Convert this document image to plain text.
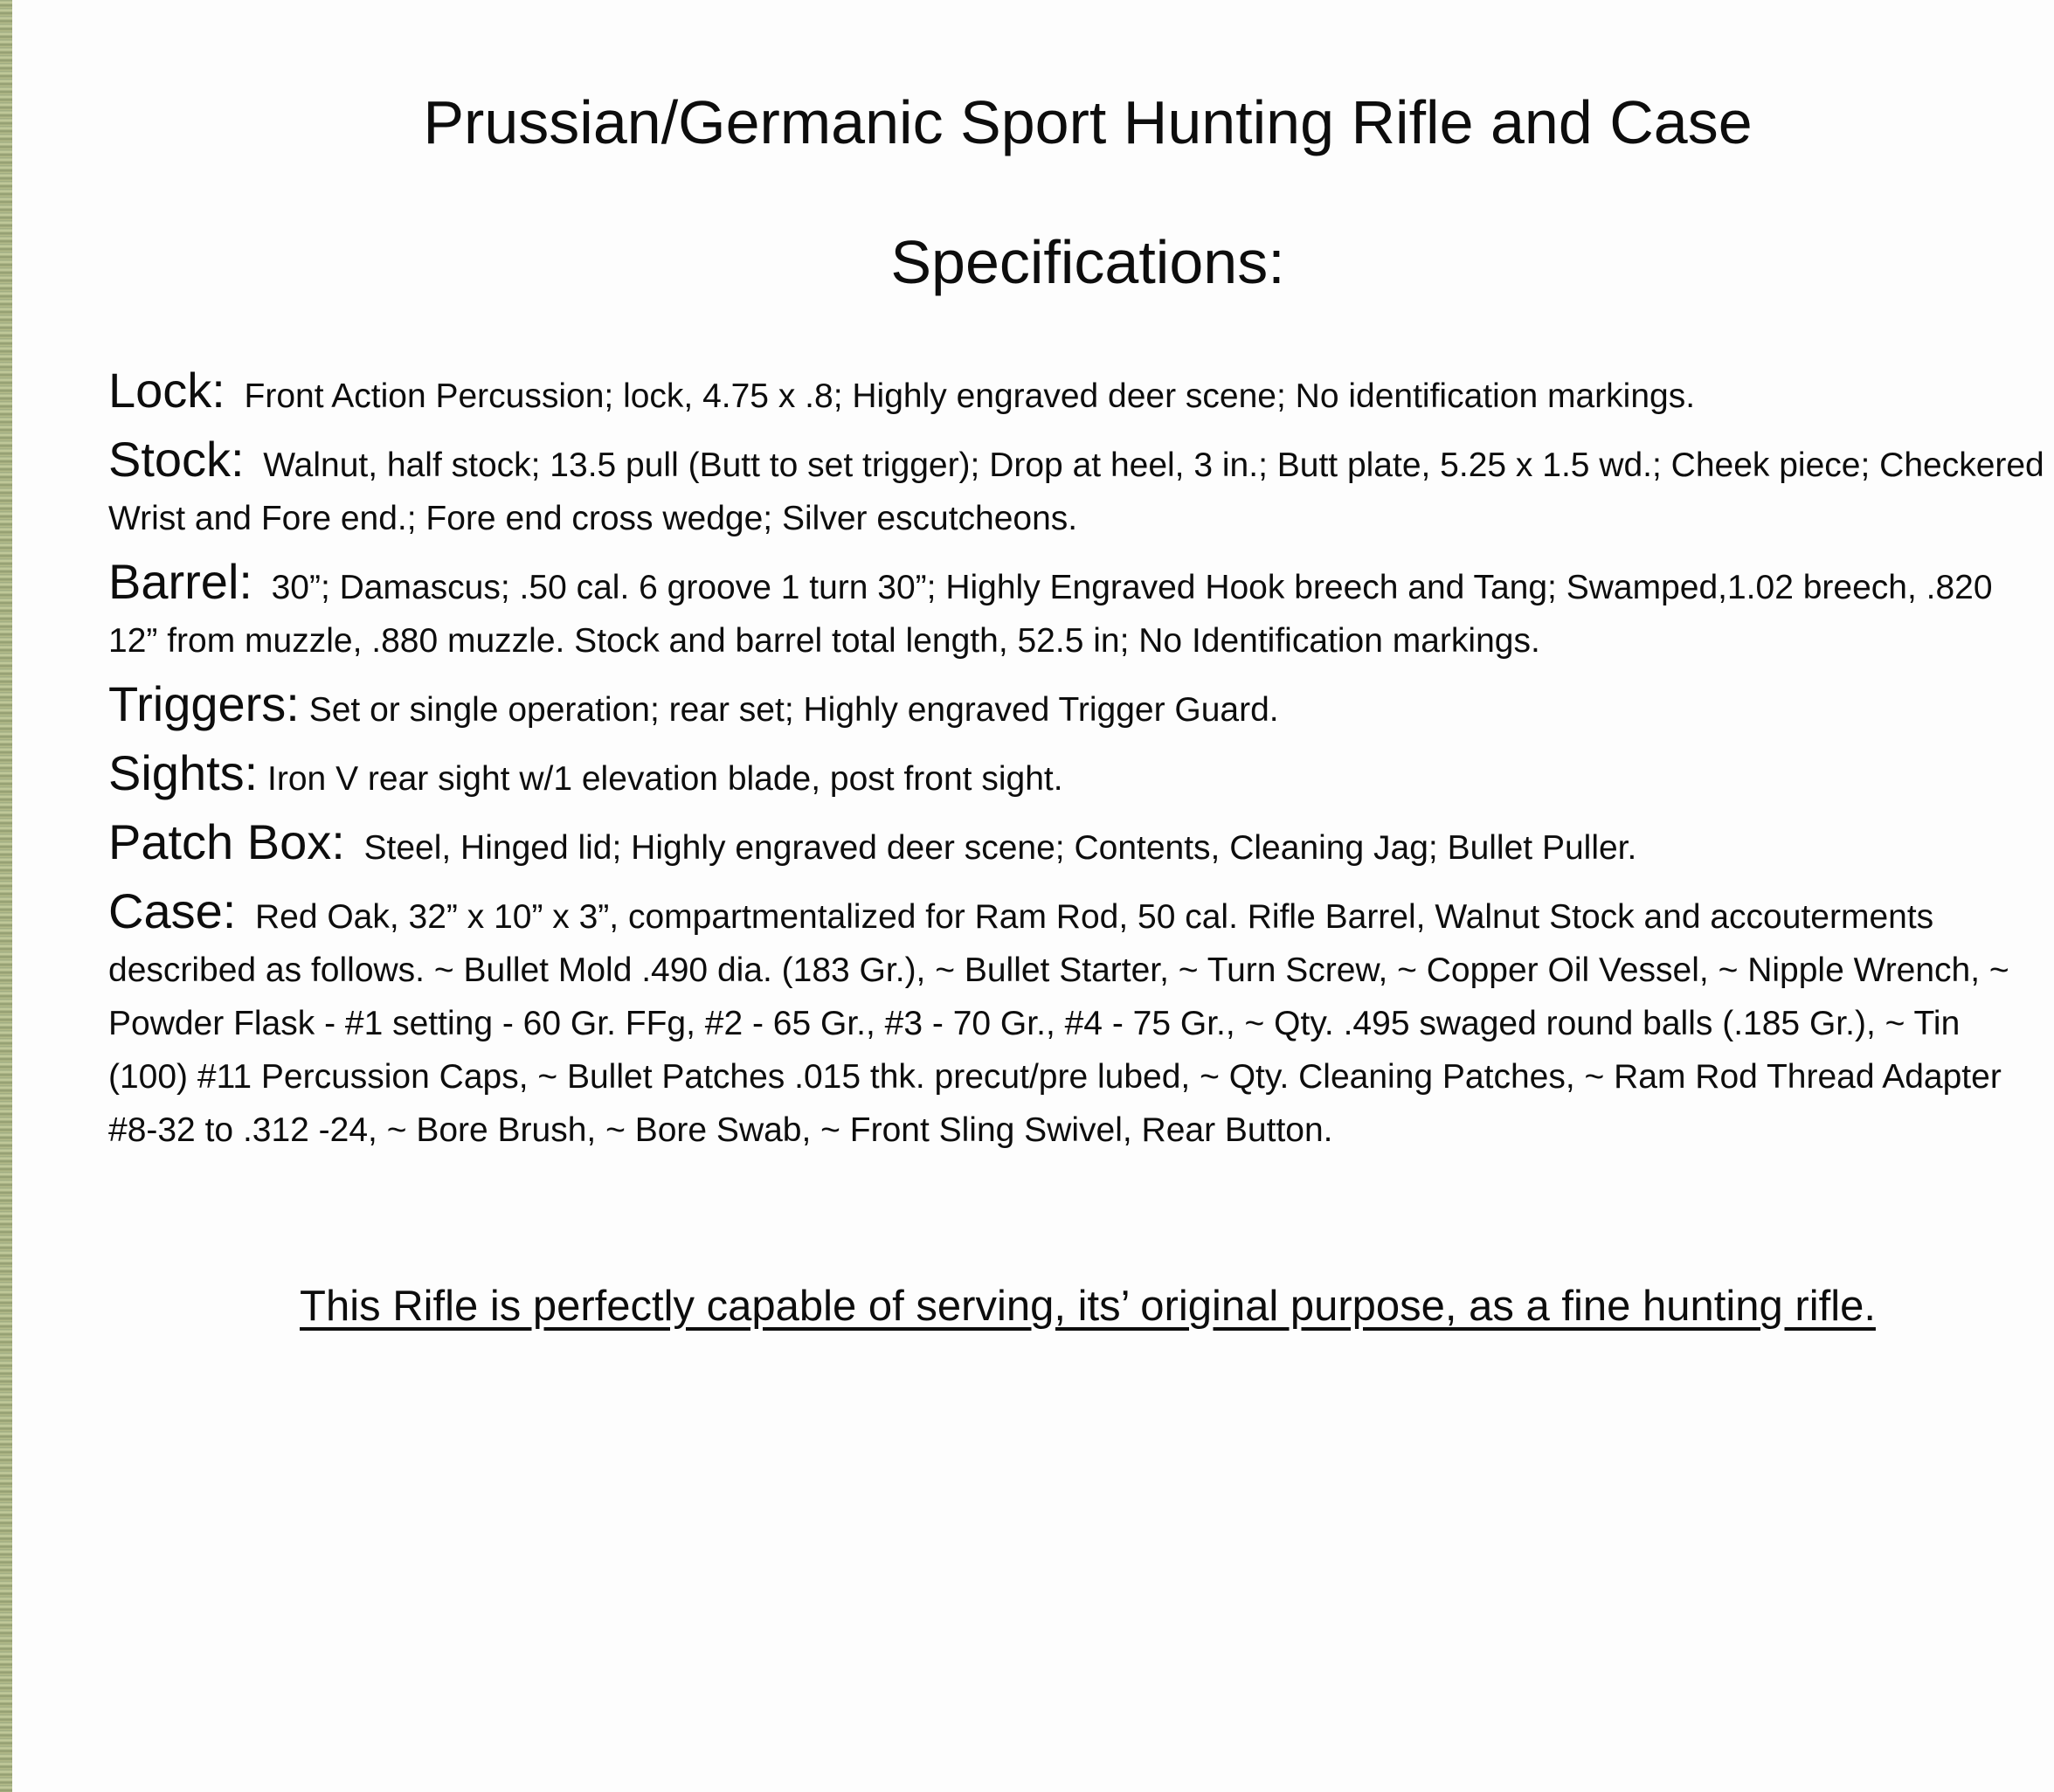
Prussian/Germanic Sport Hunting Rifle and Case
Specifications:

Lock: Front Action Percussion; lock, 4.75 x .8; Highly engraved deer scene; No identification markings.

Stock: Walnut, half stock; 13.5 pull (Butt to set trigger); Drop at heel, 3 in.; Butt plate, 5.25 x 1.5 wd.; Cheek piece; Checkered Wrist and Fore end.; Fore end cross wedge; Silver escutcheons.

Barrel: 30”; Damascus; .50 cal. 6 groove 1 turn 30”; Highly Engraved Hook breech and Tang; Swamped,1.02 breech, .820 12” from muzzle, .880 muzzle. Stock and barrel total length, 52.5 in; No Identification markings.

Triggers: Set or single operation; rear set; Highly engraved Trigger Guard.

Sights: Iron V rear sight w/1 elevation blade, post front sight.

Patch Box: Steel, Hinged lid; Highly engraved deer scene; Contents, Cleaning Jag; Bullet Puller.

Case: Red Oak, 32” x 10” x 3”, compartmentalized for Ram Rod, 50 cal. Rifle Barrel, Walnut Stock and accouterments described as follows. ~ Bullet Mold .490 dia. (183 Gr.), ~ Bullet Starter, ~ Turn Screw, ~ Copper Oil Vessel, ~ Nipple Wrench, ~ Powder Flask - #1 setting - 60 Gr. FFg, #2 - 65 Gr., #3 - 70 Gr., #4 - 75 Gr., ~ Qty. .495 swaged round balls (.185 Gr.), ~ Tin (100) #11 Percussion Caps, ~ Bullet Patches .015 thk. precut/pre lubed, ~ Qty. Cleaning Patches, ~ Ram Rod Thread Adapter #8-32 to .312 -24, ~ Bore Brush, ~ Bore Swab, ~ Front Sling Swivel, Rear Button.

This Rifle is perfectly capable of serving, its’ original purpose, as a fine hunting rifle.
